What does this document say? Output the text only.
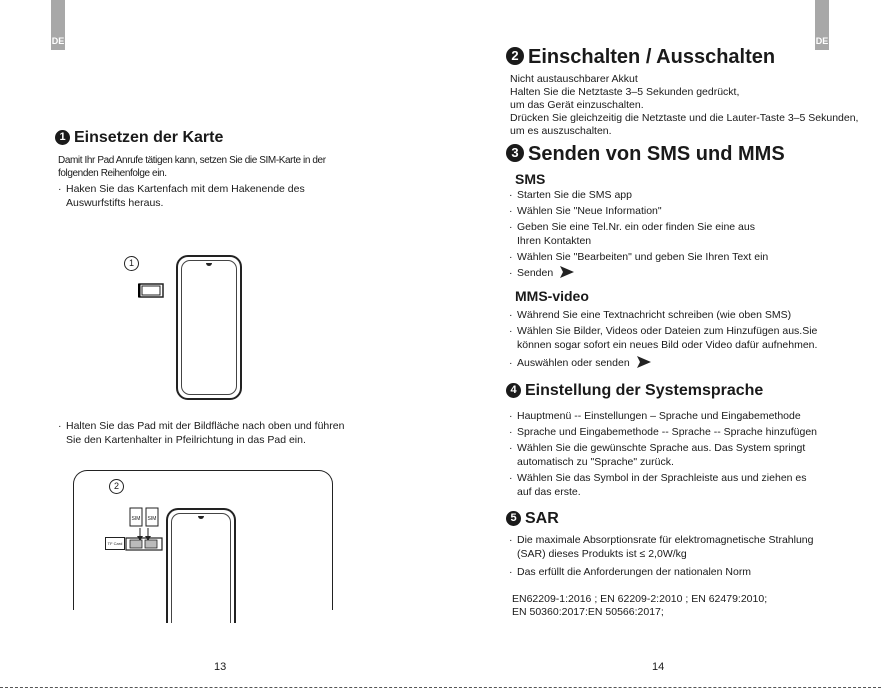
DE
1 Einsetzen der Karte
Damit Ihr Pad Anrufe tätigen kann, setzen Sie die SIM-Karte in der
folgenden Reihenfolge ein.
· Haken Sie das Kartenfach mit dem Hakenende des
Auswurfstifts heraus.
1
· Halten Sie das Pad mit der Bildfläche nach oben und führen
Sie den Kartenhalter in Pfeilrichtung in das Pad ein.
2
SIM SIM
TF Card
13
DE
2 Einschalten / Ausschalten
Nicht austauschbarer Akkut
Halten Sie die Netztaste 3–5 Sekunden gedrückt,
um das Gerät einzuschalten.
Drücken Sie gleichzeitig die Netztaste und die Lauter-Taste 3–5 Sekunden,
um es auszuschalten.
3 Senden von SMS und MMS
SMS
· Starten Sie die SMS app
· Wählen Sie "Neue Information"
· Geben Sie eine Tel.Nr. ein oder finden Sie eine aus
Ihren Kontakten
· Wählen Sie "Bearbeiten" und geben Sie Ihren Text ein
· Senden
MMS-video
· Während Sie eine Textnachricht schreiben (wie oben SMS)
· Wählen Sie Bilder, Videos oder Dateien zum Hinzufügen aus.Sie
können sogar sofort ein neues Bild oder Video dafür aufnehmen.
· Auswählen oder senden
4 Einstellung der Systemsprache
· Hauptmenü -- Einstellungen – Sprache und Eingabemethode
· Sprache und Eingabemethode -- Sprache -- Sprache hinzufügen
· Wählen Sie die gewünschte Sprache aus. Das System springt
automatisch zu "Sprache" zurück.
· Wählen Sie das Symbol in der Sprachleiste aus und ziehen es
auf das erste.
5 SAR
· Die maximale Absorptionsrate für elektromagnetische Strahlung
(SAR) dieses Produkts ist ≤ 2,0W/kg
· Das erfüllt die Anforderungen der nationalen Norm
EN62209-1:2016 ; EN 62209-2:2010 ; EN 62479:2010;
EN 50360:2017:EN 50566:2017;
14
